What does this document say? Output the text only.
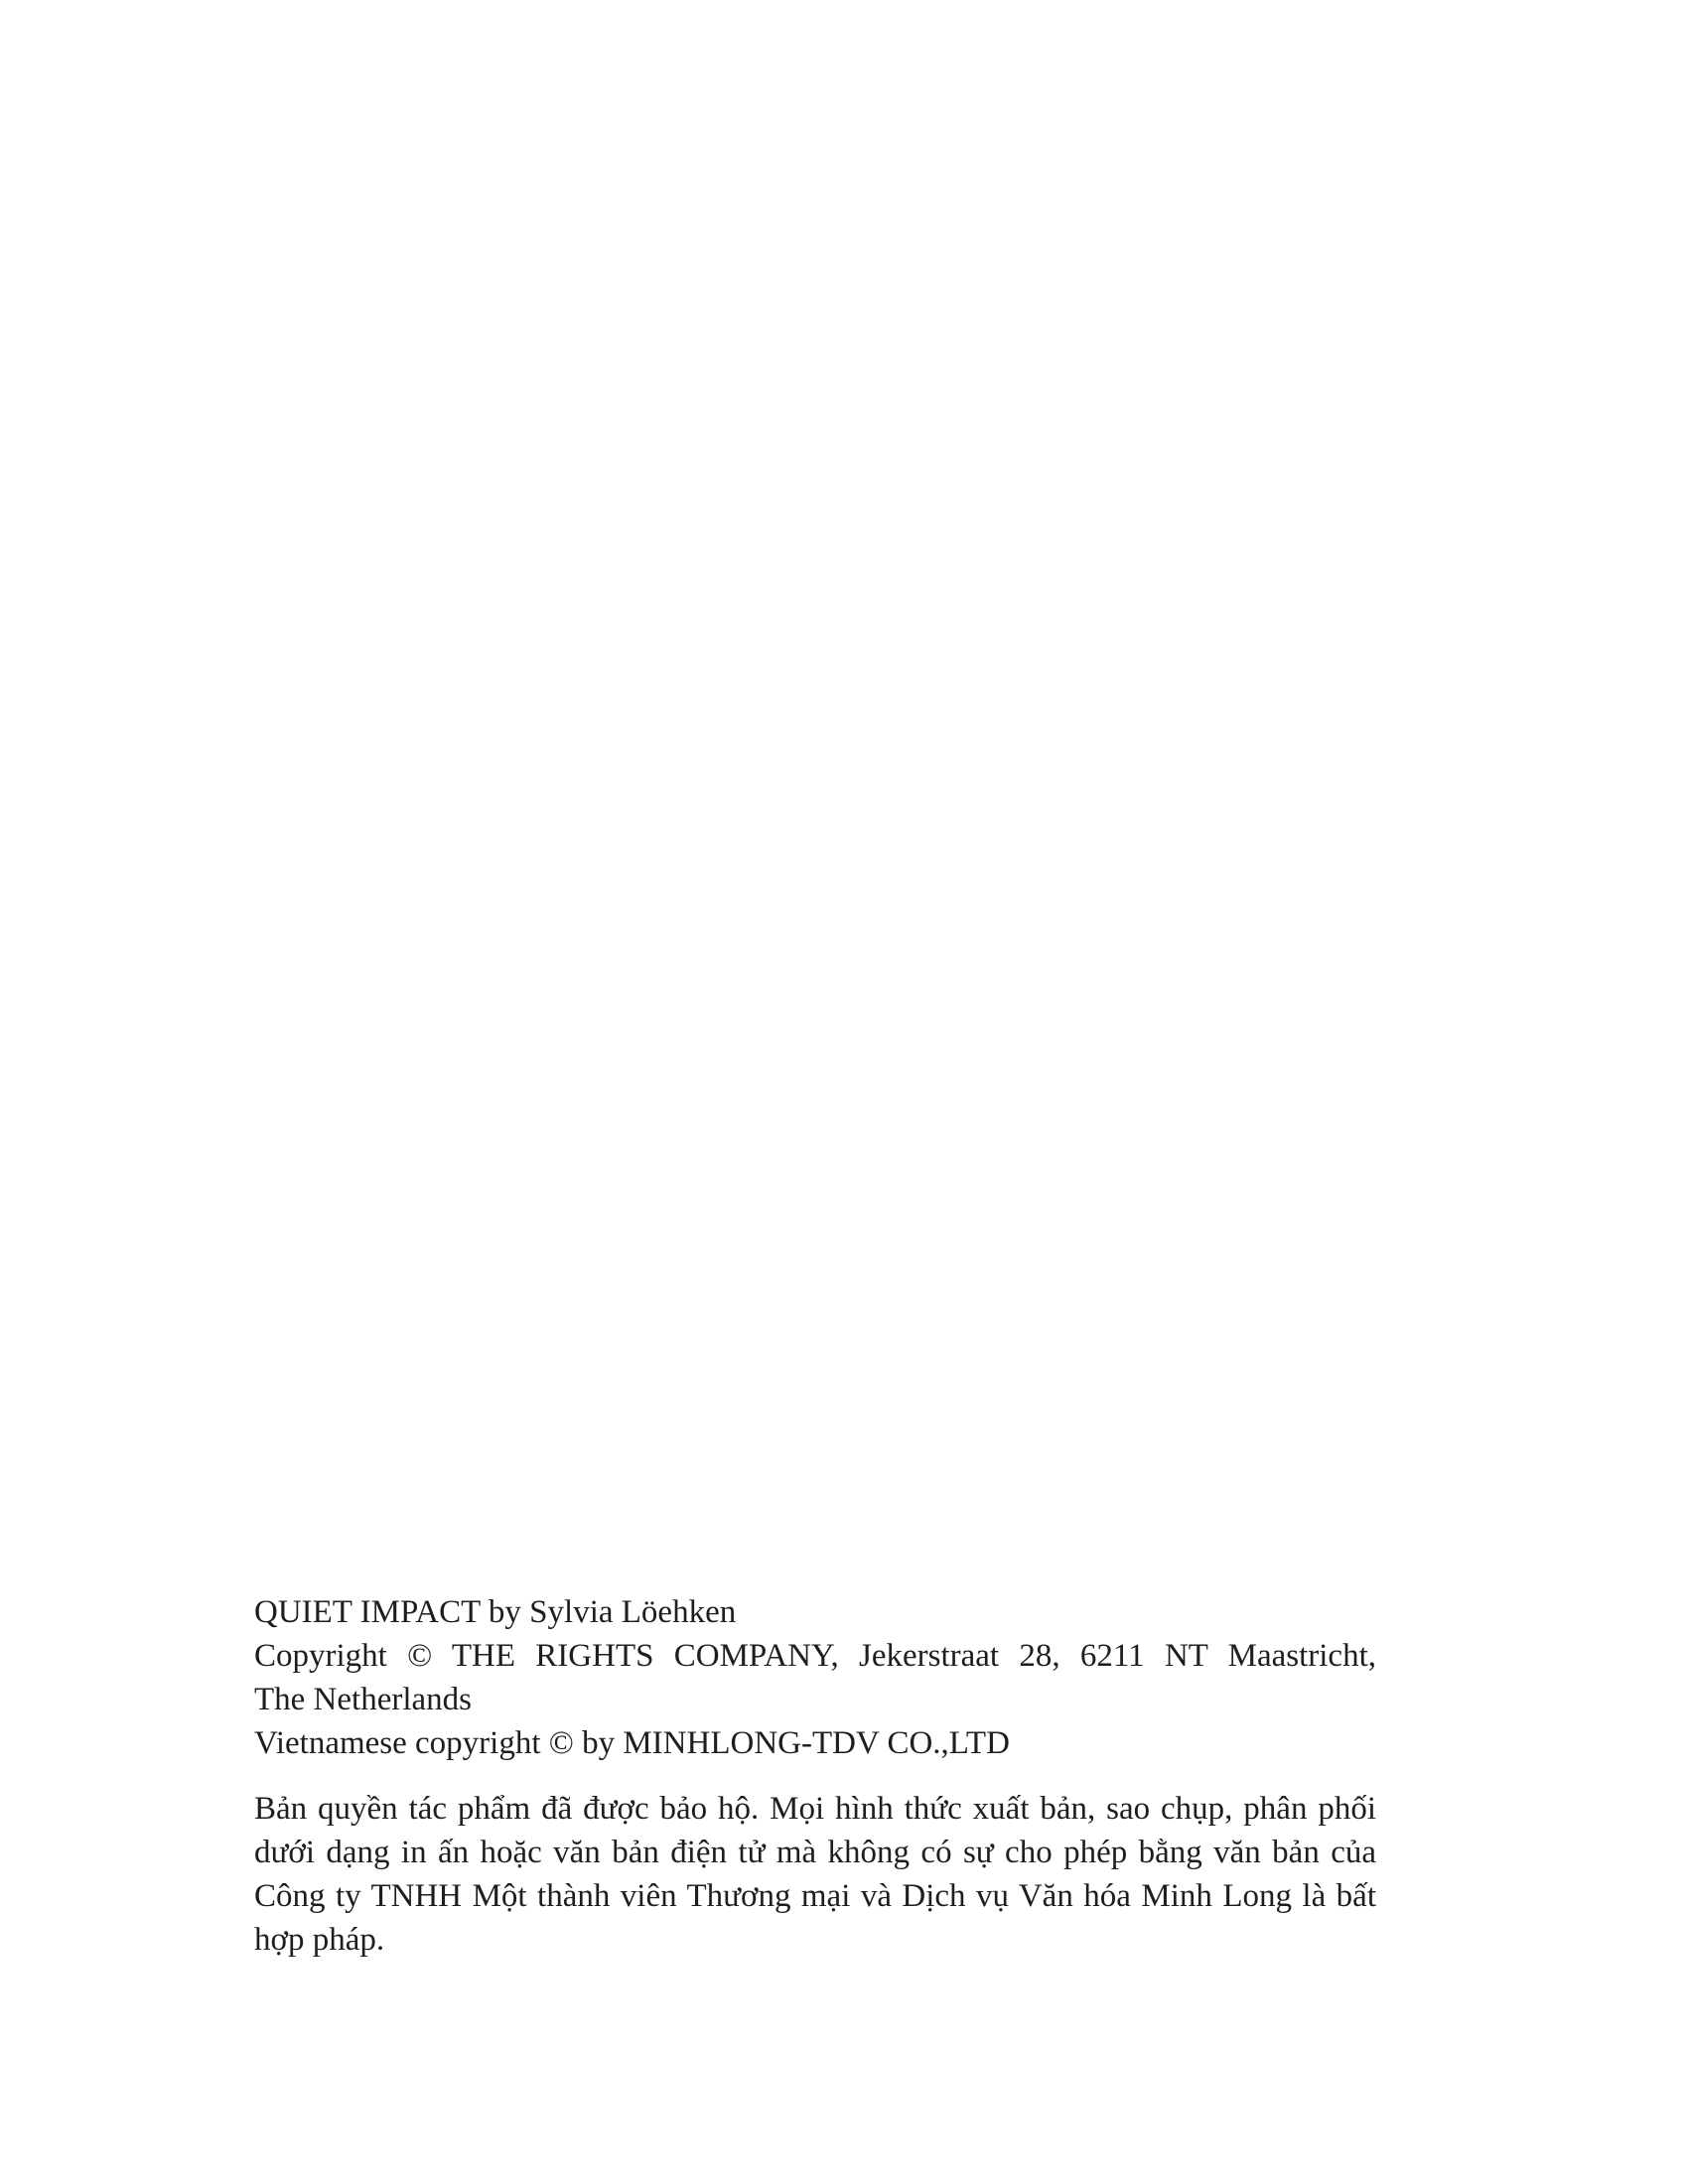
QUIET IMPACT by Sylvia Löehken

Copyright © THE RIGHTS COMPANY, Jekerstraat 28, 6211 NT Maastricht,

The Netherlands

Vietnamese copyright © by MINHLONG-TDV CO.,LTD

Bản quyền tác phẩm đã được bảo hộ. Mọi hình thức xuất bản, sao chụp, phân phối dưới dạng in ấn hoặc văn bản điện tử mà không có sự cho phép bằng văn bản của Công ty TNHH Một thành viên Thương mại và Dịch vụ Văn hóa Minh Long là bất hợp pháp.
